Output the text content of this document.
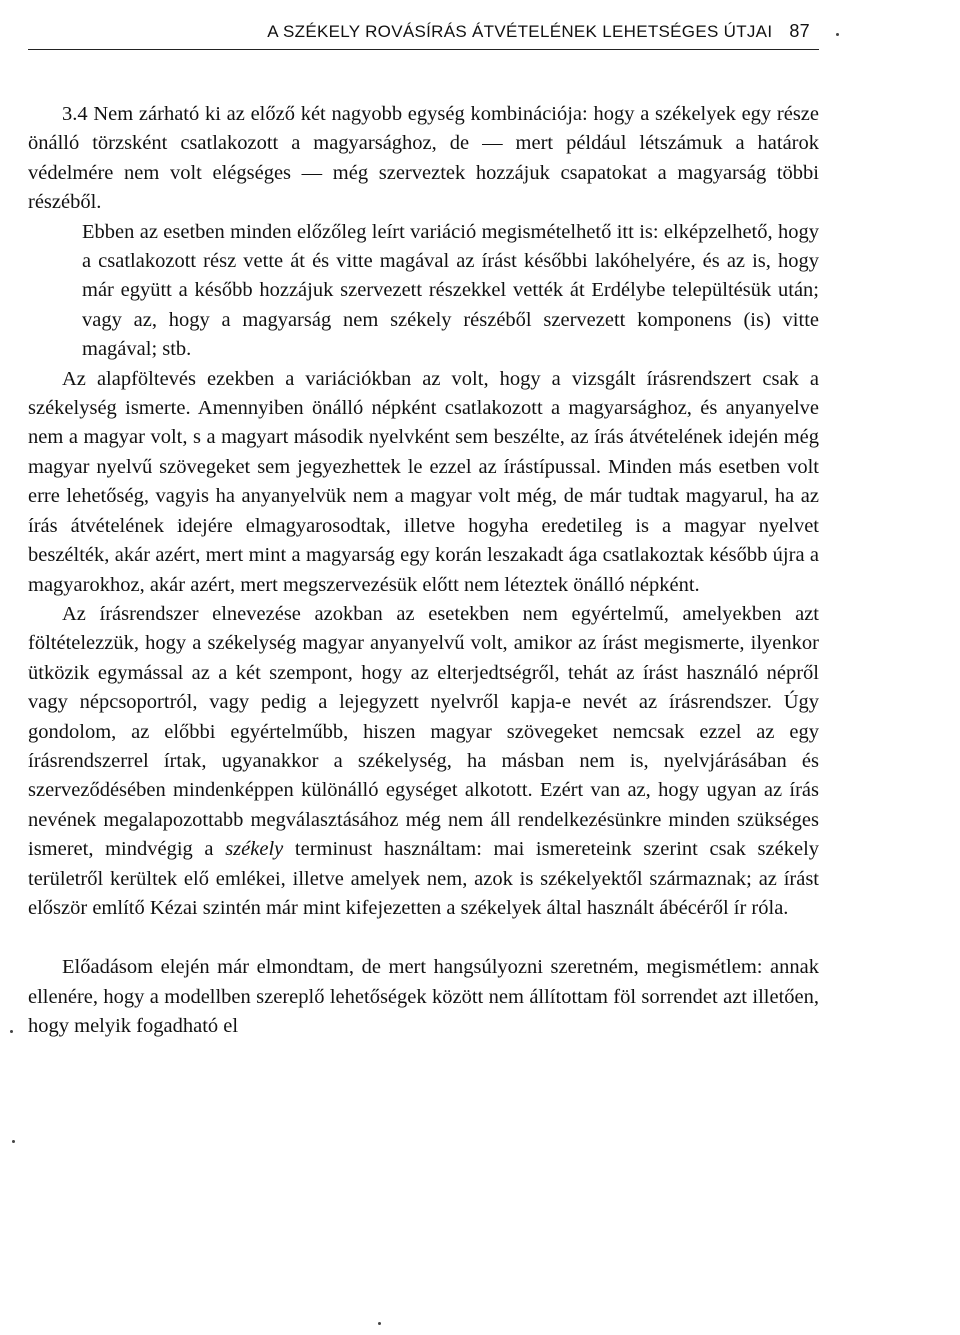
A SZÉKELY ROVÁSÍRÁS ÁTVÉTELÉNEK LEHETSÉGES ÚTJAI 87

3.4 Nem zárható ki az előző két nagyobb egység kombinációja: hogy a székelyek egy része önálló törzsként csatlakozott a magyarsághoz, de — mert például létszámuk a határok védelmére nem volt elégséges — még szerveztek hozzájuk csapatokat a magyarság többi részéből.

Ebben az esetben minden előzőleg leírt variáció megismételhető itt is: elképzelhető, hogy a csatlakozott rész vette át és vitte magával az írást későbbi lakóhelyére, és az is, hogy már együtt a később hozzájuk szervezett részekkel vették át Erdélybe települtésük után; vagy az, hogy a magyarság nem székely részéből szervezett komponens (is) vitte magával; stb.

Az alapföltevés ezekben a variációkban az volt, hogy a vizsgált írásrendszert csak a székelység ismerte. Amennyiben önálló népként csatlakozott a magyarsághoz, és anyanyelve nem a magyar volt, s a magyart második nyelvként sem beszélte, az írás átvételének idején még magyar nyelvű szövegeket sem jegyezhettek le ezzel az írástípussal. Minden más esetben volt erre lehetőség, vagyis ha anyanyelvük nem a magyar volt még, de már tudtak magyarul, ha az írás átvételének idejére elmagyarosodtak, illetve hogyha eredetileg is a magyar nyelvet beszélték, akár azért, mert mint a magyarság egy korán leszakadt ága csatlakoztak később újra a magyarokhoz, akár azért, mert megszervezésük előtt nem léteztek önálló népként.

Az írásrendszer elnevezése azokban az esetekben nem egyértelmű, amelyekben azt föltételezzük, hogy a székelység magyar anyanyelvű volt, amikor az írást megismerte, ilyenkor ütközik egymással az a két szempont, hogy az elterjedtségről, tehát az írást használó népről vagy népcsoportról, vagy pedig a lejegyzett nyelvről kapja-e nevét az írásrendszer. Úgy gondolom, az előbbi egyértelműbb, hiszen magyar szövegeket nemcsak ezzel az egy írásrendszerrel írtak, ugyanakkor a székelység, ha másban nem is, nyelvjárásában és szerveződésében mindenképpen különálló egységet alkotott. Ezért van az, hogy ugyan az írás nevének megalapozottabb megválasztásához még nem áll rendelkezésünkre minden szükséges ismeret, mindvégig a székely terminust használtam: mai ismereteink szerint csak székely területről kerültek elő emlékei, illetve amelyek nem, azok is székelyektől származnak; az írást először említő Kézai szintén már mint kifejezetten a székelyek által használt ábécéről ír róla.

Előadásom elején már elmondtam, de mert hangsúlyozni szeretném, megismétlem: annak ellenére, hogy a modellben szereplő lehetőségek között nem állítottam föl sorrendet azt illetően, hogy melyik fogadható el
